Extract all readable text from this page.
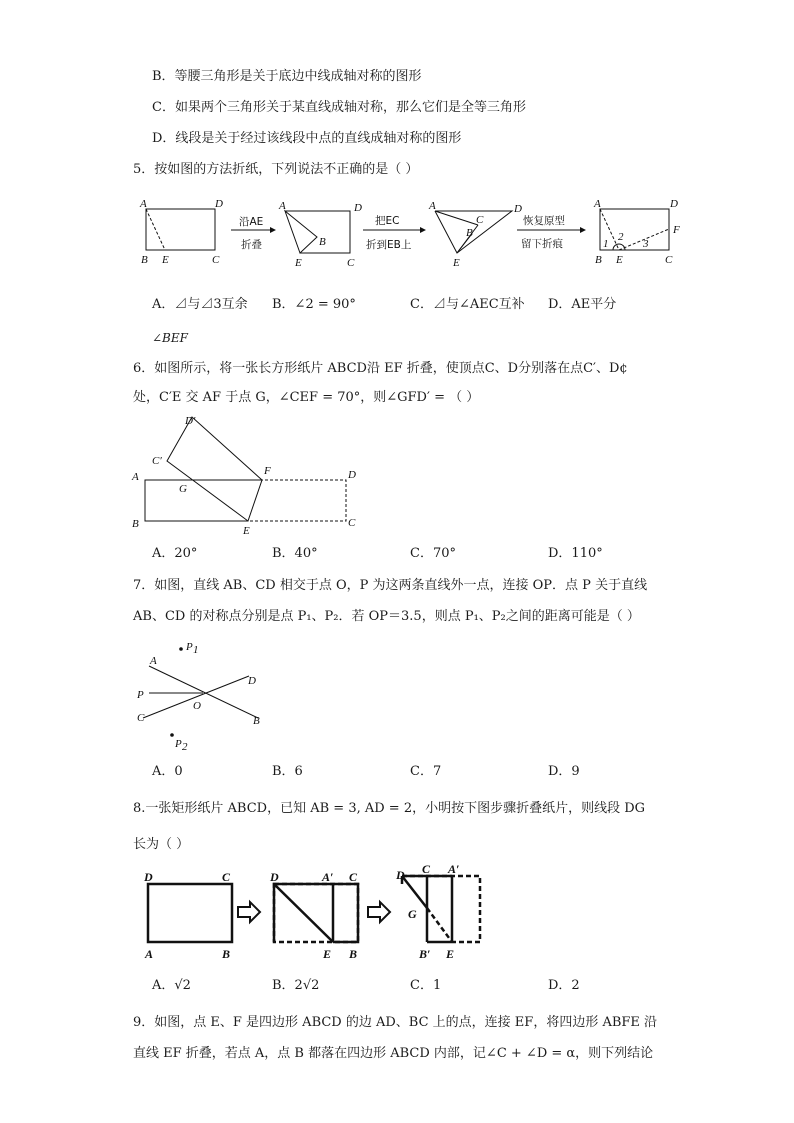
B．等腰三角形是关于底边中线成轴对称的图形
C．如果两个三角形关于某直线成轴对称，那么它们是全等三角形
D．线段是关于经过该线段中点的直线成轴对称的图形
5．按如图的方法折纸，下列说法不正确的是（ ）
A	D
B E	C
沿AE
折叠
A	D
B
E	C
把EC
折到EB上
A	D
C
B
E
恢复原型
留下折痕
A	D
F
B E	C
1
2
3
A．⊿与⊿3互余 B．∠2 = 90°	C．⊿与∠AEC互补 D．AE平分
∠BEF
6．如图所示，将一张长方形纸片 ABCD沿 EF 折叠，使顶点C、D分别落在点C′、D¢
处，C′E 交 AF 于点 G，∠CEF = 70°，则∠GFD′ = （ ）
D′
C′
F	D
A
G
B
E
C
A．20°	B．40°	C．70°	D．110°
7．如图，直线 AB、CD 相交于点 O，P 为这两条直线外一点，连接 OP．点 P 关于直线
AB、CD 的对称点分别是点 P₁、P₂．若 OP＝3.5，则点 P₁、P₂之间的距离可能是（ ）
P 1
P 2
A
D
P
O
C	B
A．0	B．6	C．7	D．9
8.一张矩形纸片 ABCD，已知 AB = 3, AD = 2，小明按下图步骤折叠纸片，则线段 DG
长为（ ）
D	C
A	B
D	A′ C
E B
D C A′
G
B′ E
A．√2	B．2√2	C．1	D．2
9．如图，点 E、F 是四边形 ABCD 的边 AD、BC 上的点，连接 EF，将四边形 ABFE 沿
直线 EF 折叠，若点 A，点 B 都落在四边形 ABCD 内部，记∠C + ∠D = α，则下列结论
